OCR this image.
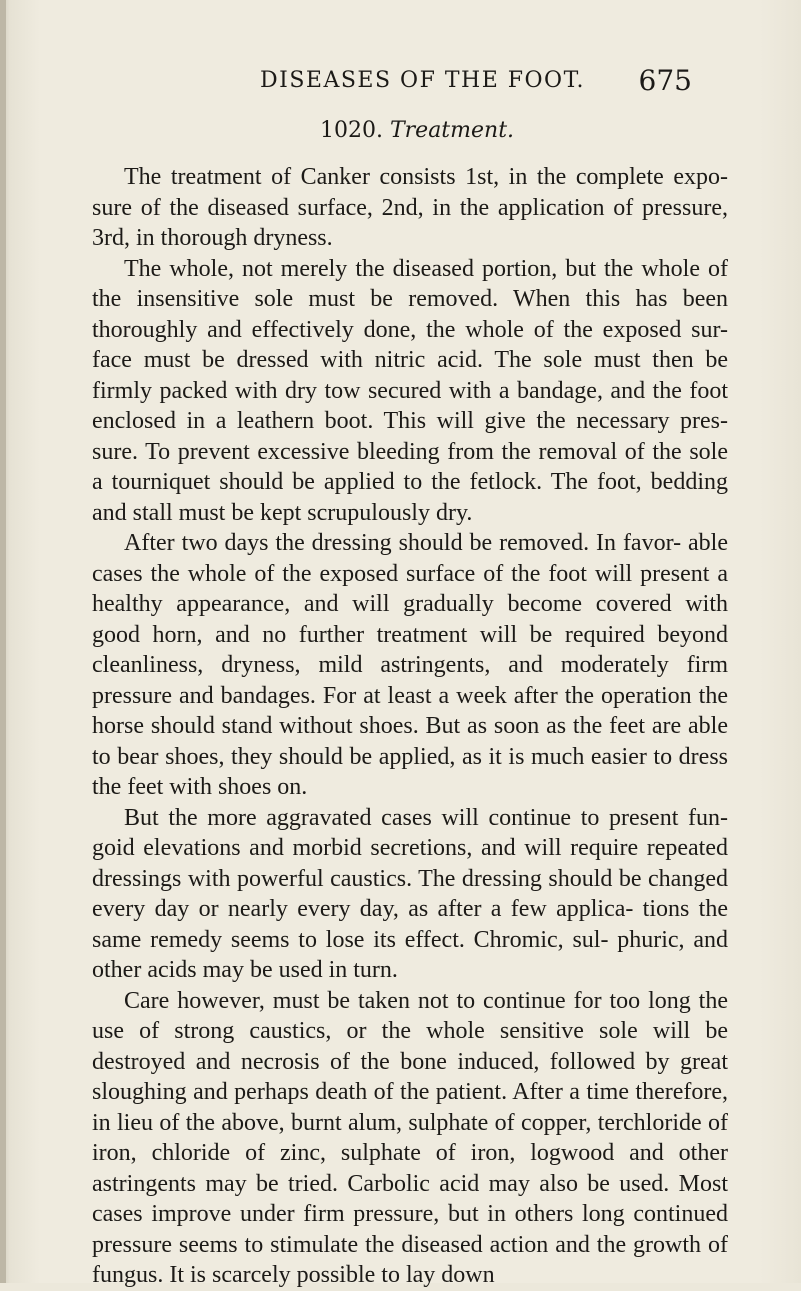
DISEASES OF THE FOOT. 675
1020. Treatment.

The treatment of Canker consists 1st, in the complete expo- sure of the diseased surface, 2nd, in the application of pressure, 3rd, in thorough dryness.

The whole, not merely the diseased portion, but the whole of the insensitive sole must be removed. When this has been thoroughly and effectively done, the whole of the exposed sur- face must be dressed with nitric acid. The sole must then be firmly packed with dry tow secured with a bandage, and the foot enclosed in a leathern boot. This will give the necessary pres- sure. To prevent excessive bleeding from the removal of the sole a tourniquet should be applied to the fetlock. The foot, bedding and stall must be kept scrupulously dry.

After two days the dressing should be removed. In favor- able cases the whole of the exposed surface of the foot will present a healthy appearance, and will gradually become covered with good horn, and no further treatment will be required beyond cleanliness, dryness, mild astringents, and moderately firm pressure and bandages. For at least a week after the operation the horse should stand without shoes. But as soon as the feet are able to bear shoes, they should be applied, as it is much easier to dress the feet with shoes on.

But the more aggravated cases will continue to present fun- goid elevations and morbid secretions, and will require repeated dressings with powerful caustics. The dressing should be changed every day or nearly every day, as after a few applica- tions the same remedy seems to lose its effect. Chromic, sul- phuric, and other acids may be used in turn.

Care however, must be taken not to continue for too long the use of strong caustics, or the whole sensitive sole will be destroyed and necrosis of the bone induced, followed by great sloughing and perhaps death of the patient. After a time therefore, in lieu of the above, burnt alum, sulphate of copper, terchloride of iron, chloride of zinc, sulphate of iron, logwood and other astringents may be tried. Carbolic acid may also be used. Most cases improve under firm pressure, but in others long continued pressure seems to stimulate the diseased action and the growth of fungus. It is scarcely possible to lay down
